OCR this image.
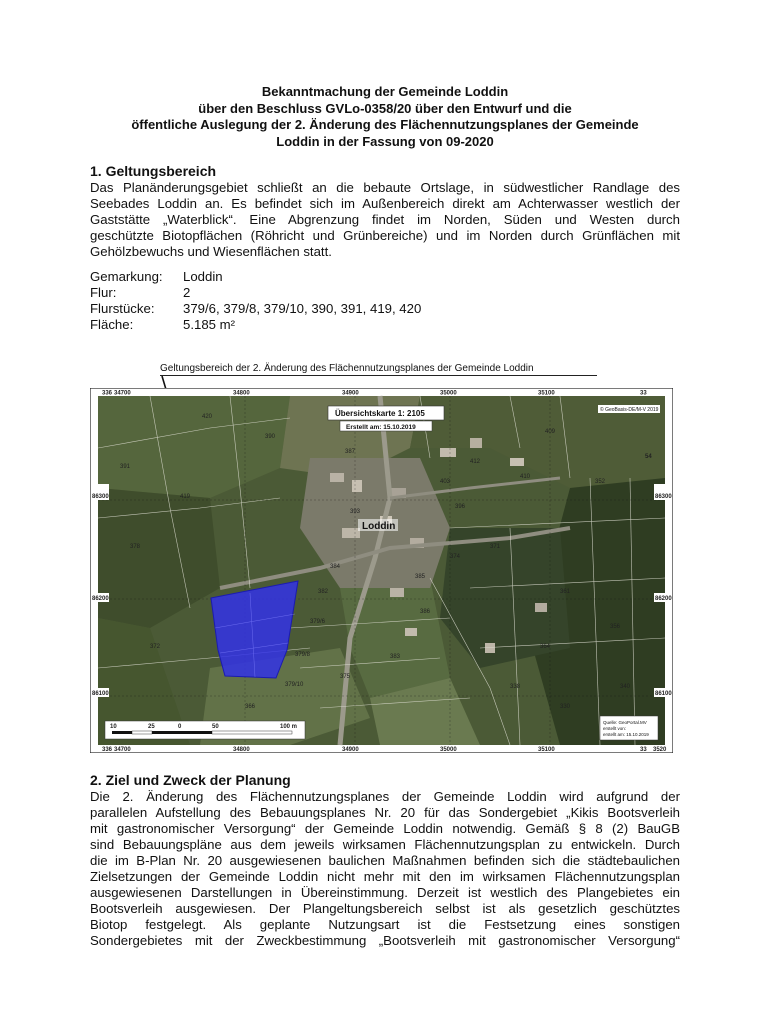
Bekanntmachung der Gemeinde Loddin
über den Beschluss GVLo-0358/20 über den Entwurf und die
öffentliche Auslegung der 2. Änderung des Flächennutzungsplanes der Gemeinde
Loddin in der Fassung von 09-2020
1. Geltungsbereich
Das Planänderungsgebiet schließt an die bebaute Ortslage, in südwestlicher Randlage des
Seebades Loddin an. Es befindet sich im Außenbereich direkt am Achterwasser westlich der
Gaststätte „Waterblick“. Eine Abgrenzung findet im Norden, Süden und Westen durch
geschützte Biotopflächen (Röhricht und Grünbereiche) und im Norden durch Grünflächen mit
Gehölzbewuchs und Wiesenflächen statt.
Gemarkung:	Loddin
Flur:	2
Flurstücke:	379/6, 379/8, 379/10, 390, 391, 419, 420
Fläche:	5.185 m²
Geltungsbereich der 2. Änderung des Flächennutzungsplanes der Gemeinde Loddin
420
390
391
419
379/6
379/8
379/10
384
382
375
385
386
383
374
371
364
361
352
356
340
338
330
412
410
409
403
396
393
387
378
372
366
Loddin
Übersichtskarte 1: 2105
Erstellt am: 15.10.2019
© GeoBasis-DE/M-V 2019
Quelle: GeoPortal.MV
erstellt von:
erstellt am: 15.10.2019
10	25	0	50	100 m
336 34700	34800	34900	35000	35100	33
336 34700	34800	34900	35000	35100	33 3520
86300
86200
86100
86300
86200
86100
54
2. Ziel und Zweck der Planung
Die 2. Änderung des Flächennutzungsplanes der Gemeinde Loddin wird aufgrund der
parallelen Aufstellung des Bebauungsplanes Nr. 20 für das Sondergebiet „Kikis Bootsverleih
mit gastronomischer Versorgung“ der Gemeinde Loddin notwendig. Gemäß § 8 (2) BauGB
sind Bebauungspläne aus dem jeweils wirksamen Flächennutzungsplan zu entwickeln. Durch
die im B-Plan Nr. 20 ausgewiesenen baulichen Maßnahmen befinden sich die städtebaulichen
Zielsetzungen der Gemeinde Loddin nicht mehr mit den im wirksamen Flächennutzungsplan
ausgewiesenen Darstellungen in Übereinstimmung. Derzeit ist westlich des Plangebietes ein
Bootsverleih ausgewiesen. Der Plangeltungsbereich selbst ist als gesetzlich geschütztes
Biotop festgelegt. Als geplante Nutzungsart ist die Festsetzung eines sonstigen
Sondergebietes mit der Zweckbestimmung „Bootsverleih mit gastronomischer Versorgung“
